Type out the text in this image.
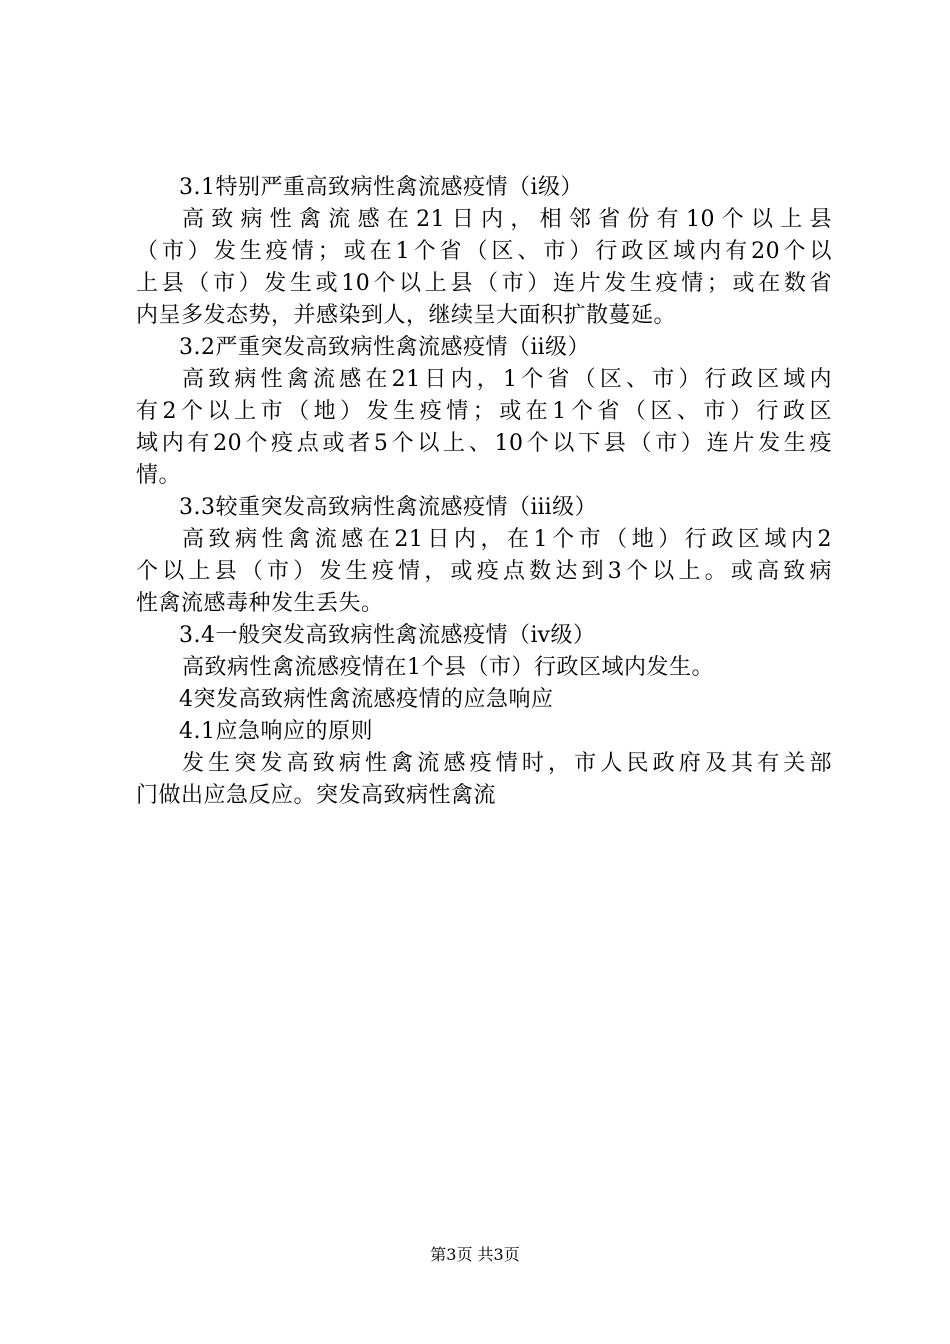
3.1特别严重高致病性禽流感疫情（ⅰ级）
高致病性禽流感在21日内，相邻省份有10个以上县
（市）发生疫情；或在1个省（区、市）行政区域内有20个以
上县（市）发生或10个以上县（市）连片发生疫情；或在数省
内呈多发态势，并感染到人，继续呈大面积扩散蔓延。
3.2严重突发高致病性禽流感疫情（ⅱ级）
高致病性禽流感在21日内，1个省（区、市）行政区域内
有2个以上市（地）发生疫情；或在1个省（区、市）行政区
域内有20个疫点或者5个以上、10个以下县（市）连片发生疫
情。
3.3较重突发高致病性禽流感疫情（ⅲ级）
高致病性禽流感在21日内，在1个市（地）行政区域内2
个以上县（市）发生疫情，或疫点数达到3个以上。或高致病
性禽流感毒种发生丢失。
3.4一般突发高致病性禽流感疫情（ⅳ级）
高致病性禽流感疫情在1个县（市）行政区域内发生。
4突发高致病性禽流感疫情的应急响应
4.1应急响应的原则
发生突发高致病性禽流感疫情时，市人民政府及其有关部
门做出应急反应。突发高致病性禽流
第3页 共3页
